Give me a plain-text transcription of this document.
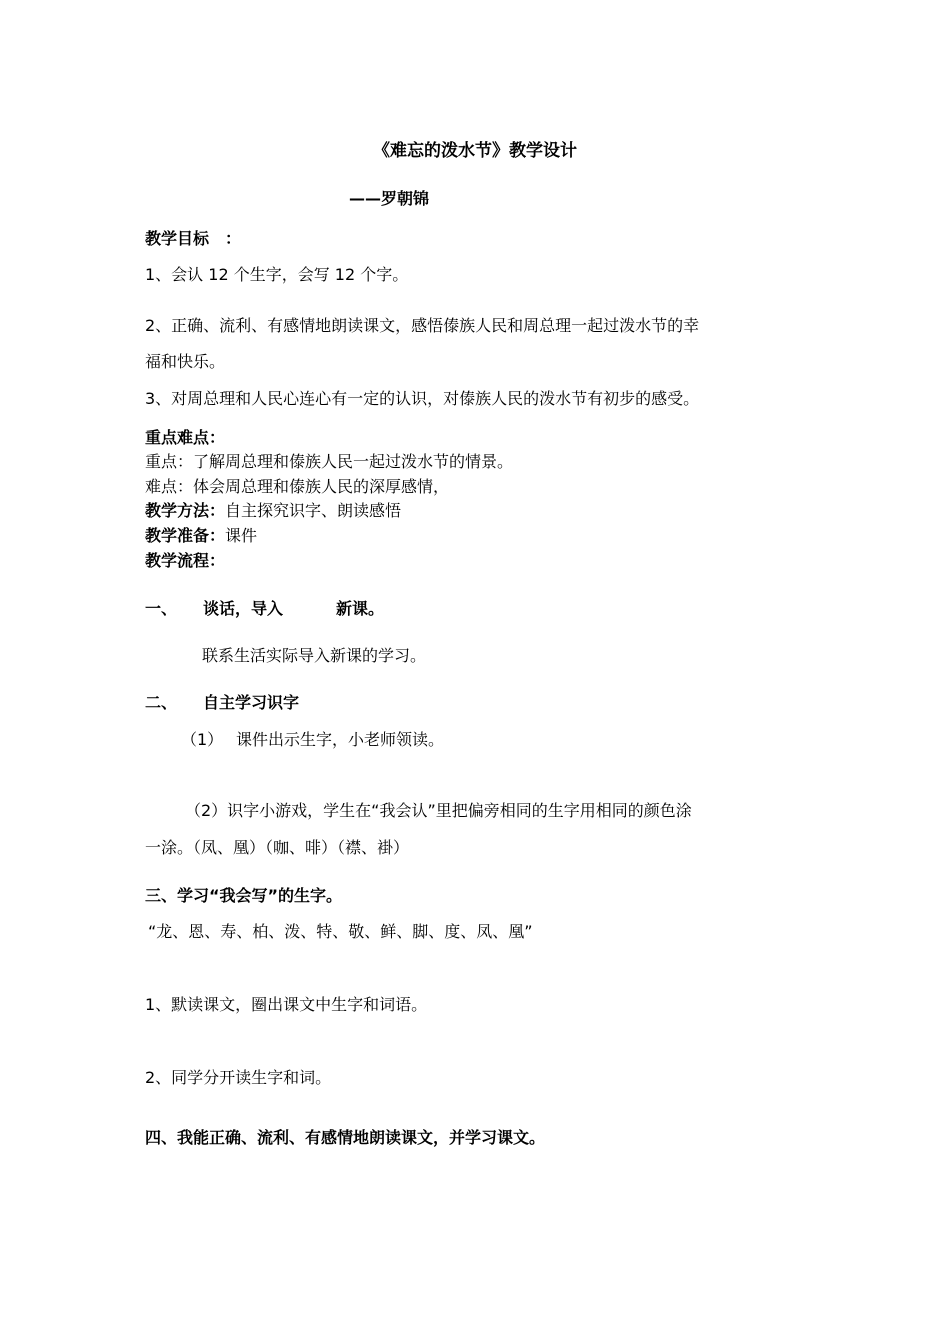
《难忘的泼水节》教学设计
——罗朝锦
教学目标　：
1、会认 12 个生字，会写 12 个字。
2、正确、流利、有感情地朗读课文，感悟傣族人民和周总理一起过泼水节的幸
福和快乐。
3、对周总理和人民心连心有一定的认识，对傣族人民的泼水节有初步的感受。
重点难点：
重点：了解周总理和傣族人民一起过泼水节的情景。
难点：体会周总理和傣族人民的深厚感情，
教学方法：自主探究识字、朗读感悟
教学准备：课件
教学流程：
一、 谈话，导入	新课。
联系生活实际导入新课的学习。
二、 自主学习识字
（1） 课件出示生字，小老师领读。
（2）识字小游戏，学生在“我会认”里把偏旁相同的生字用相同的颜色涂
一涂。（凤、凰）（咖、啡）（襟、褂）
三、学习“我会写”的生字。
“龙、恩、寿、柏、泼、特、敬、鲜、脚、度、凤、凰”
1、默读课文，圈出课文中生字和词语。
2、同学分开读生字和词。
四、我能正确、流利、有感情地朗读课文，并学习课文。
